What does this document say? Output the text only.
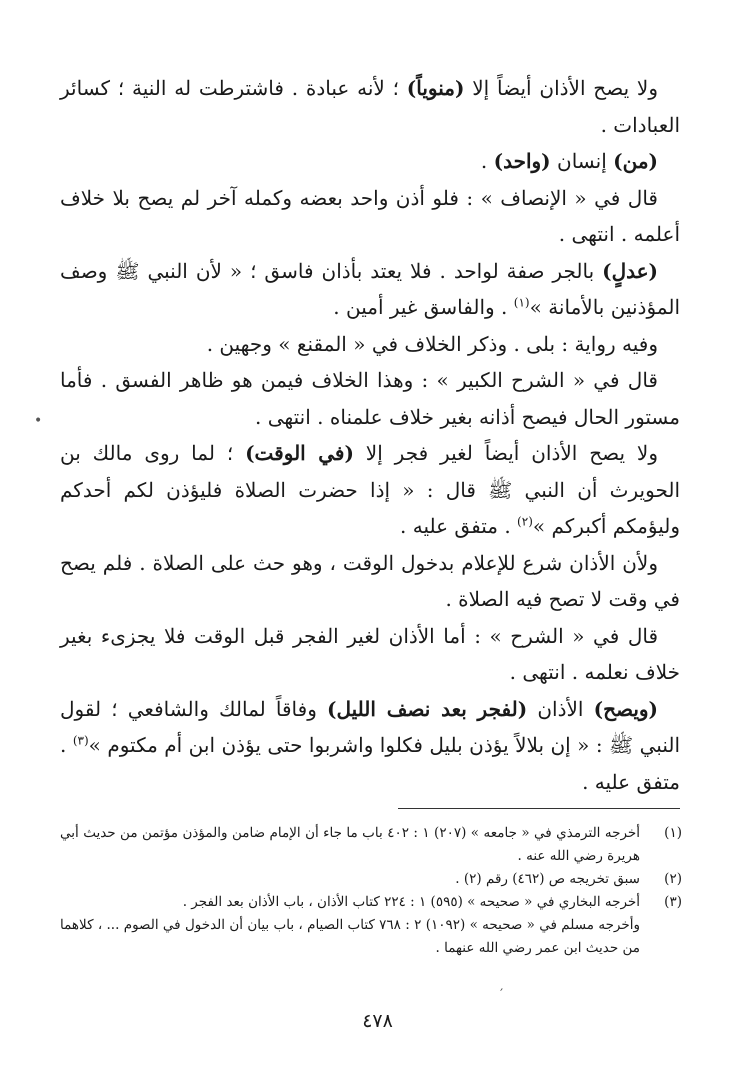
ولا يصح الأذان أيضاً إلا (منوياً) ؛ لأنه عبادة . فاشترطت له النية ؛ كسائر العبادات .

(من) إنسان (واحد) .

قال في « الإنصاف » : فلو أذن واحد بعضه وكمله آخر لم يصح بلا خلاف أعلمه . انتهى .

(عدلٍ) بالجر صفة لواحد . فلا يعتد بأذان فاسق ؛ « لأن النبي ﷺ وصف المؤذنين بالأمانة »$^{(١)}$ . والفاسق غير أمين .

وفيه رواية : بلى . وذكر الخلاف في « المقنع » وجهين .

قال في « الشرح الكبير » : وهذا الخلاف فيمن هو ظاهر الفسق . فأما مستور الحال فيصح أذانه بغير خلاف علمناه . انتهى .

ولا يصح الأذان أيضاً لغير فجر إلا (في الوقت) ؛ لما روى مالك بن الحويرث أن النبي ﷺ قال : « إذا حضرت الصلاة فليؤذن لكم أحدكم وليؤمكم أكبركم »$^{(٢)}$ . متفق عليه .

ولأن الأذان شرع للإعلام بدخول الوقت ، وهو حث على الصلاة . فلم يصح في وقت لا تصح فيه الصلاة .

قال في « الشرح » : أما الأذان لغير الفجر قبل الوقت فلا يجزىء بغير خلاف نعلمه . انتهى .

(ويصح) الأذان (لفجر بعد نصف الليل) وفاقاً لمالك والشافعي ؛ لقول النبي ﷺ : « إن بلالاً يؤذن بليل فكلوا واشربوا حتى يؤذن ابن أم مكتوم »$^{(٣)}$ . متفق عليه .

(١)
أخرجه الترمذي في « جامعه » (٢٠٧) ١ : ٤٠٢ باب ما جاء أن الإمام ضامن والمؤذن مؤتمن من حديث أبي هريرة رضي الله عنه .
(٢)
سبق تخريجه ص (٤٦٢) رقم (٢) .
(٣)
أخرجه البخاري في « صحيحه » (٥٩٥) ١ : ٢٢٤ كتاب الأذان ، باب الأذان بعد الفجر .
وأخرجه مسلم في « صحيحه » (١٠٩٢) ٢ : ٧٦٨ كتاب الصيام ، باب بيان أن الدخول في الصوم ... ، كلاهما من حديث ابن عمر رضي الله عنهما .
٤٧٨
•
′
